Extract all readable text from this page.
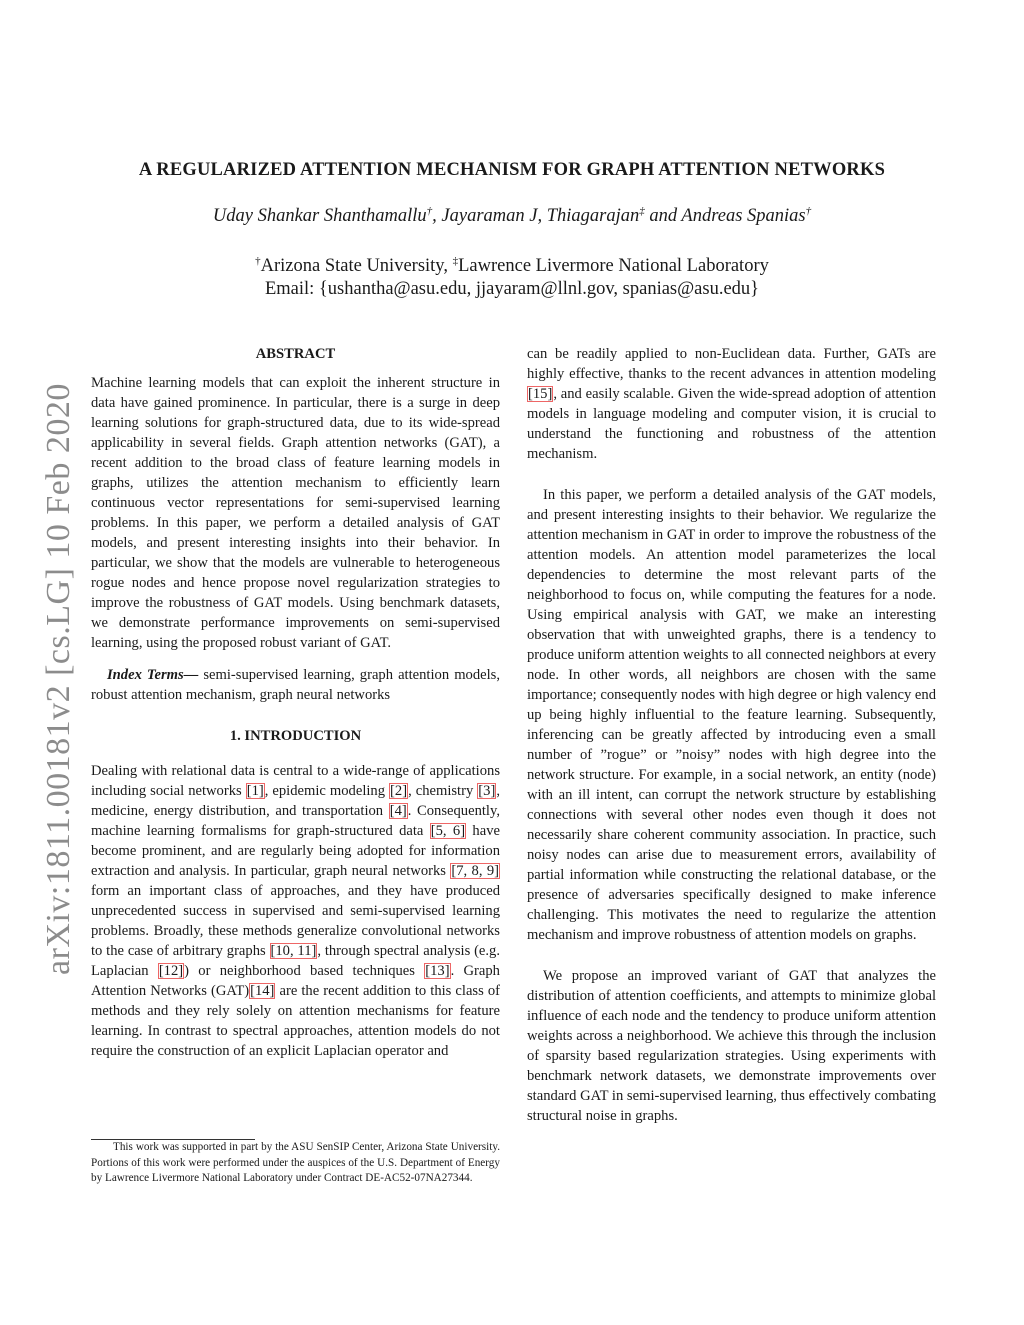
arXiv:1811.00181v2 [cs.LG] 10 Feb 2020
A REGULARIZED ATTENTION MECHANISM FOR GRAPH ATTENTION NETWORKS
Uday Shankar Shanthamallu†, Jayaraman J, Thiagarajan‡ and Andreas Spanias†
†Arizona State University, ‡Lawrence Livermore National Laboratory
Email: {ushantha@asu.edu, jjayaram@llnl.gov, spanias@asu.edu}
ABSTRACT
Machine learning models that can exploit the inherent structure in data have gained prominence. In particular, there is a surge in deep learning solutions for graph-structured data, due to its wide-spread applicability in several fields. Graph attention networks (GAT), a recent addition to the broad class of feature learning models in graphs, utilizes the attention mechanism to efficiently learn continuous vector representations for semi-supervised learning problems. In this paper, we perform a detailed analysis of GAT models, and present interesting insights into their behavior. In particular, we show that the models are vulnerable to heterogeneous rogue nodes and hence propose novel regularization strategies to improve the robustness of GAT models. Using benchmark datasets, we demonstrate performance improvements on semi-supervised learning, using the proposed robust variant of GAT.
Index Terms— semi-supervised learning, graph attention models, robust attention mechanism, graph neural networks
1. INTRODUCTION
Dealing with relational data is central to a wide-range of applications including social networks [1], epidemic modeling [2], chemistry [3], medicine, energy distribution, and transportation [4]. Consequently, machine learning formalisms for graph-structured data [5, 6] have become prominent, and are regularly being adopted for information extraction and analysis. In particular, graph neural networks [7, 8, 9] form an important class of approaches, and they have produced unprecedented success in supervised and semi-supervised learning problems. Broadly, these methods generalize convolutional networks to the case of arbitrary graphs [10, 11], through spectral analysis (e.g. Laplacian [12]) or neighborhood based techniques [13]. Graph Attention Networks (GAT)[14] are the recent addition to this class of methods and they rely solely on attention mechanisms for feature learning. In contrast to spectral approaches, attention models do not require the construction of an explicit Laplacian operator and
This work was supported in part by the ASU SenSIP Center, Arizona State University. Portions of this work were performed under the auspices of the U.S. Department of Energy by Lawrence Livermore National Laboratory under Contract DE-AC52-07NA27344.
can be readily applied to non-Euclidean data. Further, GATs are highly effective, thanks to the recent advances in attention modeling [15], and easily scalable. Given the wide-spread adoption of attention models in language modeling and computer vision, it is crucial to understand the functioning and robustness of the attention mechanism.
In this paper, we perform a detailed analysis of the GAT models, and present interesting insights to their behavior. We regularize the attention mechanism in GAT in order to improve the robustness of the attention models. An attention model parameterizes the local dependencies to determine the most relevant parts of the neighborhood to focus on, while computing the features for a node. Using empirical analysis with GAT, we make an interesting observation that with unweighted graphs, there is a tendency to produce uniform attention weights to all connected neighbors at every node. In other words, all neighbors are chosen with the same importance; consequently nodes with high degree or high valency end up being highly influential to the feature learning. Subsequently, inferencing can be greatly affected by introducing even a small number of ”rogue” or ”noisy” nodes with high degree into the network structure. For example, in a social network, an entity (node) with an ill intent, can corrupt the network structure by establishing connections with several other nodes even though it does not necessarily share coherent community association. In practice, such noisy nodes can arise due to measurement errors, availability of partial information while constructing the relational database, or the presence of adversaries specifically designed to make inference challenging. This motivates the need to regularize the attention mechanism and improve robustness of attention models on graphs.
We propose an improved variant of GAT that analyzes the distribution of attention coefficients, and attempts to minimize global influence of each node and the tendency to produce uniform attention weights across a neighborhood. We achieve this through the inclusion of sparsity based regularization strategies. Using experiments with benchmark network datasets, we demonstrate improvements over standard GAT in semi-supervised learning, thus effectively combating structural noise in graphs.
